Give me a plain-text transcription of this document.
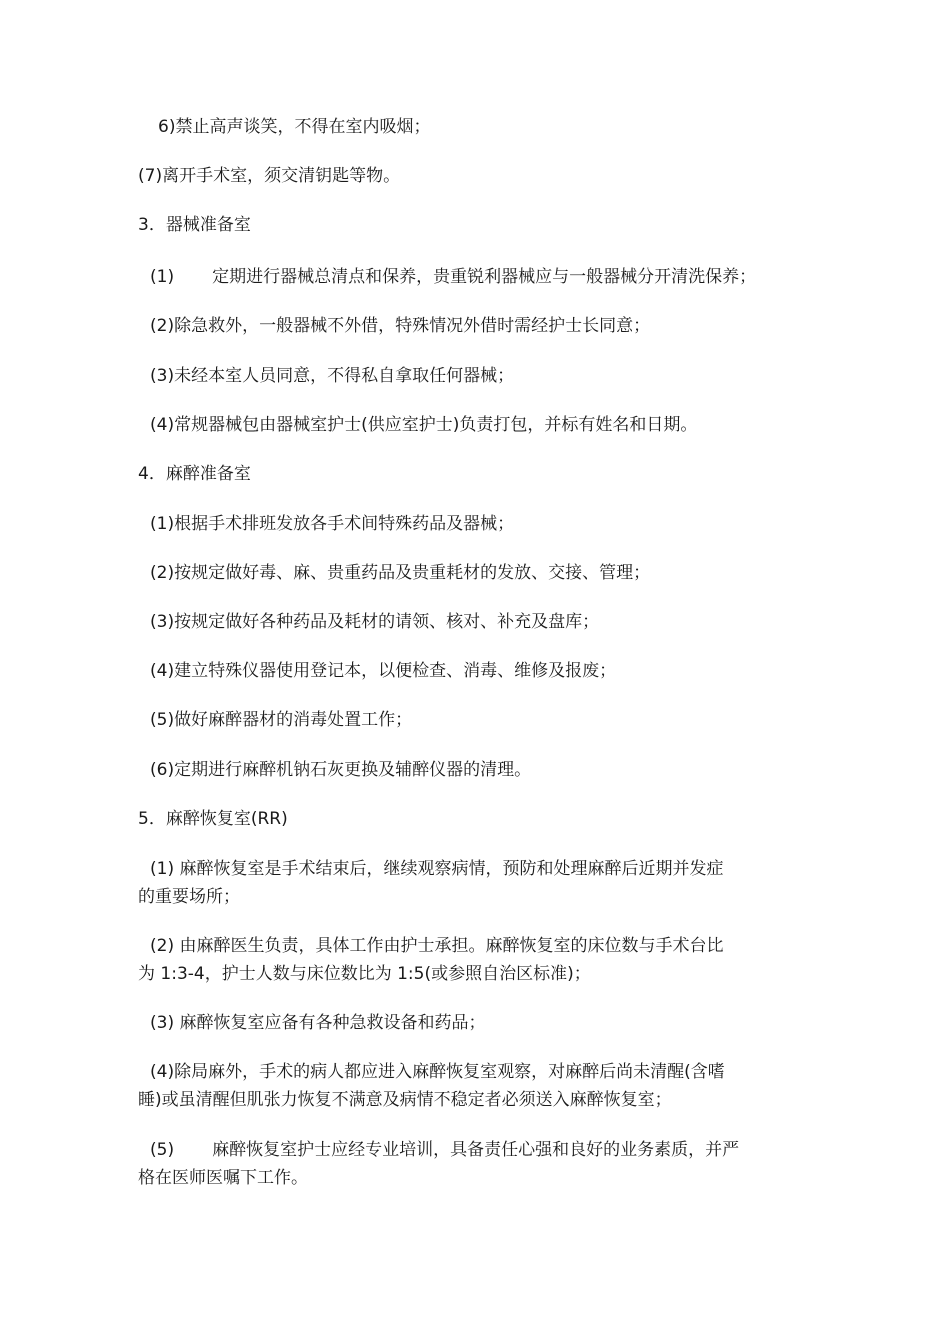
6)禁止高声谈笑，不得在室内吸烟；

(7)离开手术室，须交清钥匙等物。

3．器械准备室

(1) 定期进行器械总清点和保养，贵重锐利器械应与一般器械分开清洗保养；

(2)除急救外，一般器械不外借，特殊情况外借时需经护士长同意；

(3)未经本室人员同意，不得私自拿取任何器械；

(4)常规器械包由器械室护士(供应室护士)负责打包，并标有姓名和日期。

4．麻醉准备室

(1)根据手术排班发放各手术间特殊药品及器械；

(2)按规定做好毒、麻、贵重药品及贵重耗材的发放、交接、管理；

(3)按规定做好各种药品及耗材的请领、核对、补充及盘库；

(4)建立特殊仪器使用登记本，以便检查、消毒、维修及报废；

(5)做好麻醉器材的消毒处置工作；

(6)定期进行麻醉机钠石灰更换及辅醉仪器的清理。

5．麻醉恢复室(RR)

(1) 麻醉恢复室是手术结束后，继续观察病情，预防和处理麻醉后近期并发症

的重要场所；

(2) 由麻醉医生负责，具体工作由护士承担。麻醉恢复室的床位数与手术台比

为 1:3-4，护士人数与床位数比为 1:5(或参照自治区标准)；

(3) 麻醉恢复室应备有各种急救设备和药品；

(4)除局麻外，手术的病人都应进入麻醉恢复室观察，对麻醉后尚未清醒(含嗜

睡)或虽清醒但肌张力恢复不满意及病情不稳定者必须送入麻醉恢复室；

(5) 麻醉恢复室护士应经专业培训，具备责任心强和良好的业务素质，并严

格在医师医嘱下工作。
